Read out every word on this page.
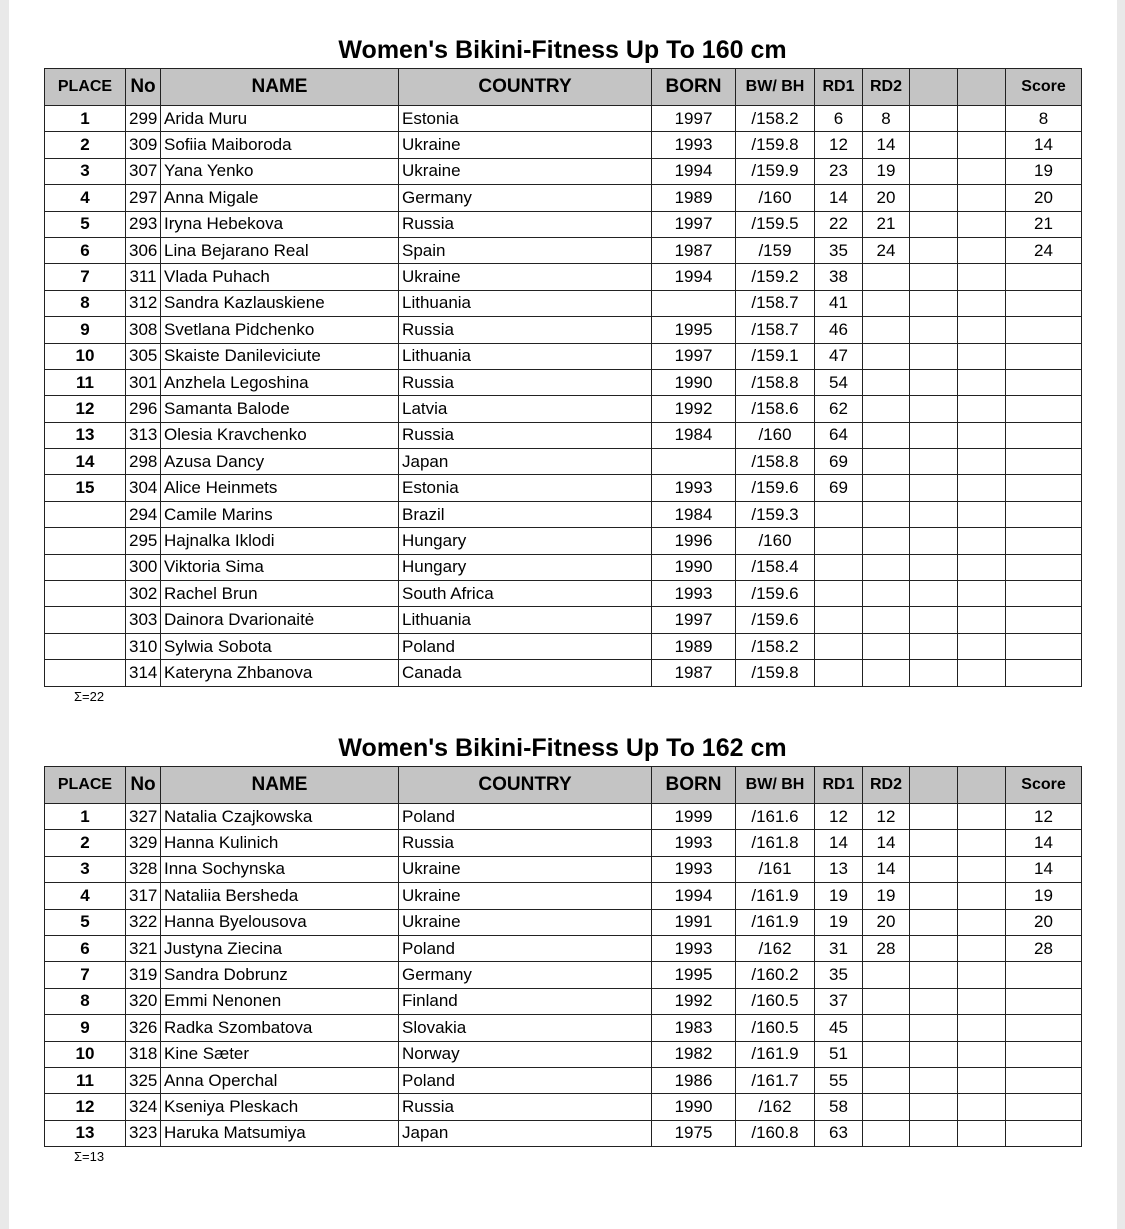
Women's Bikini-Fitness Up To 160 cm
PLACE	No	NAME	COUNTRY	BORN	BW/ BH	RD1	RD2			Score
1	299	Arida Muru	Estonia	1997	/158.2	6	8			8
2	309	Sofiia Maiboroda	Ukraine	1993	/159.8	12	14			14
3	307	Yana Yenko	Ukraine	1994	/159.9	23	19			19
4	297	Anna Migale	Germany	1989	/160	14	20			20
5	293	Iryna Hebekova	Russia	1997	/159.5	22	21			21
6	306	Lina Bejarano Real	Spain	1987	/159	35	24			24
7	311	Vlada Puhach	Ukraine	1994	/159.2	38				
8	312	Sandra Kazlauskiene	Lithuania		/158.7	41				
9	308	Svetlana Pidchenko	Russia	1995	/158.7	46				
10	305	Skaiste Danileviciute	Lithuania	1997	/159.1	47				
11	301	Anzhela Legoshina	Russia	1990	/158.8	54				
12	296	Samanta Balode	Latvia	1992	/158.6	62				
13	313	Olesia Kravchenko	Russia	1984	/160	64				
14	298	Azusa Dancy	Japan		/158.8	69				
15	304	Alice Heinmets	Estonia	1993	/159.6	69				
	294	Camile Marins	Brazil	1984	/159.3					
	295	Hajnalka Iklodi	Hungary	1996	/160					
	300	Viktoria Sima	Hungary	1990	/158.4					
	302	Rachel Brun	South Africa	1993	/159.6					
	303	Dainora Dvarionaitė	Lithuania	1997	/159.6					
	310	Sylwia Sobota	Poland	1989	/158.2					
	314	Kateryna Zhbanova	Canada	1987	/159.8					
Σ=22
Women's Bikini-Fitness Up To 162 cm
PLACE	No	NAME	COUNTRY	BORN	BW/ BH	RD1	RD2			Score
1	327	Natalia Czajkowska	Poland	1999	/161.6	12	12			12
2	329	Hanna Kulinich	Russia	1993	/161.8	14	14			14
3	328	Inna Sochynska	Ukraine	1993	/161	13	14			14
4	317	Nataliia Bersheda	Ukraine	1994	/161.9	19	19			19
5	322	Hanna Byelousova	Ukraine	1991	/161.9	19	20			20
6	321	Justyna Ziecina	Poland	1993	/162	31	28			28
7	319	Sandra Dobrunz	Germany	1995	/160.2	35				
8	320	Emmi Nenonen	Finland	1992	/160.5	37				
9	326	Radka Szombatova	Slovakia	1983	/160.5	45				
10	318	Kine Sæter	Norway	1982	/161.9	51				
11	325	Anna Operchal	Poland	1986	/161.7	55				
12	324	Kseniya Pleskach	Russia	1990	/162	58				
13	323	Haruka Matsumiya	Japan	1975	/160.8	63				
Σ=13
